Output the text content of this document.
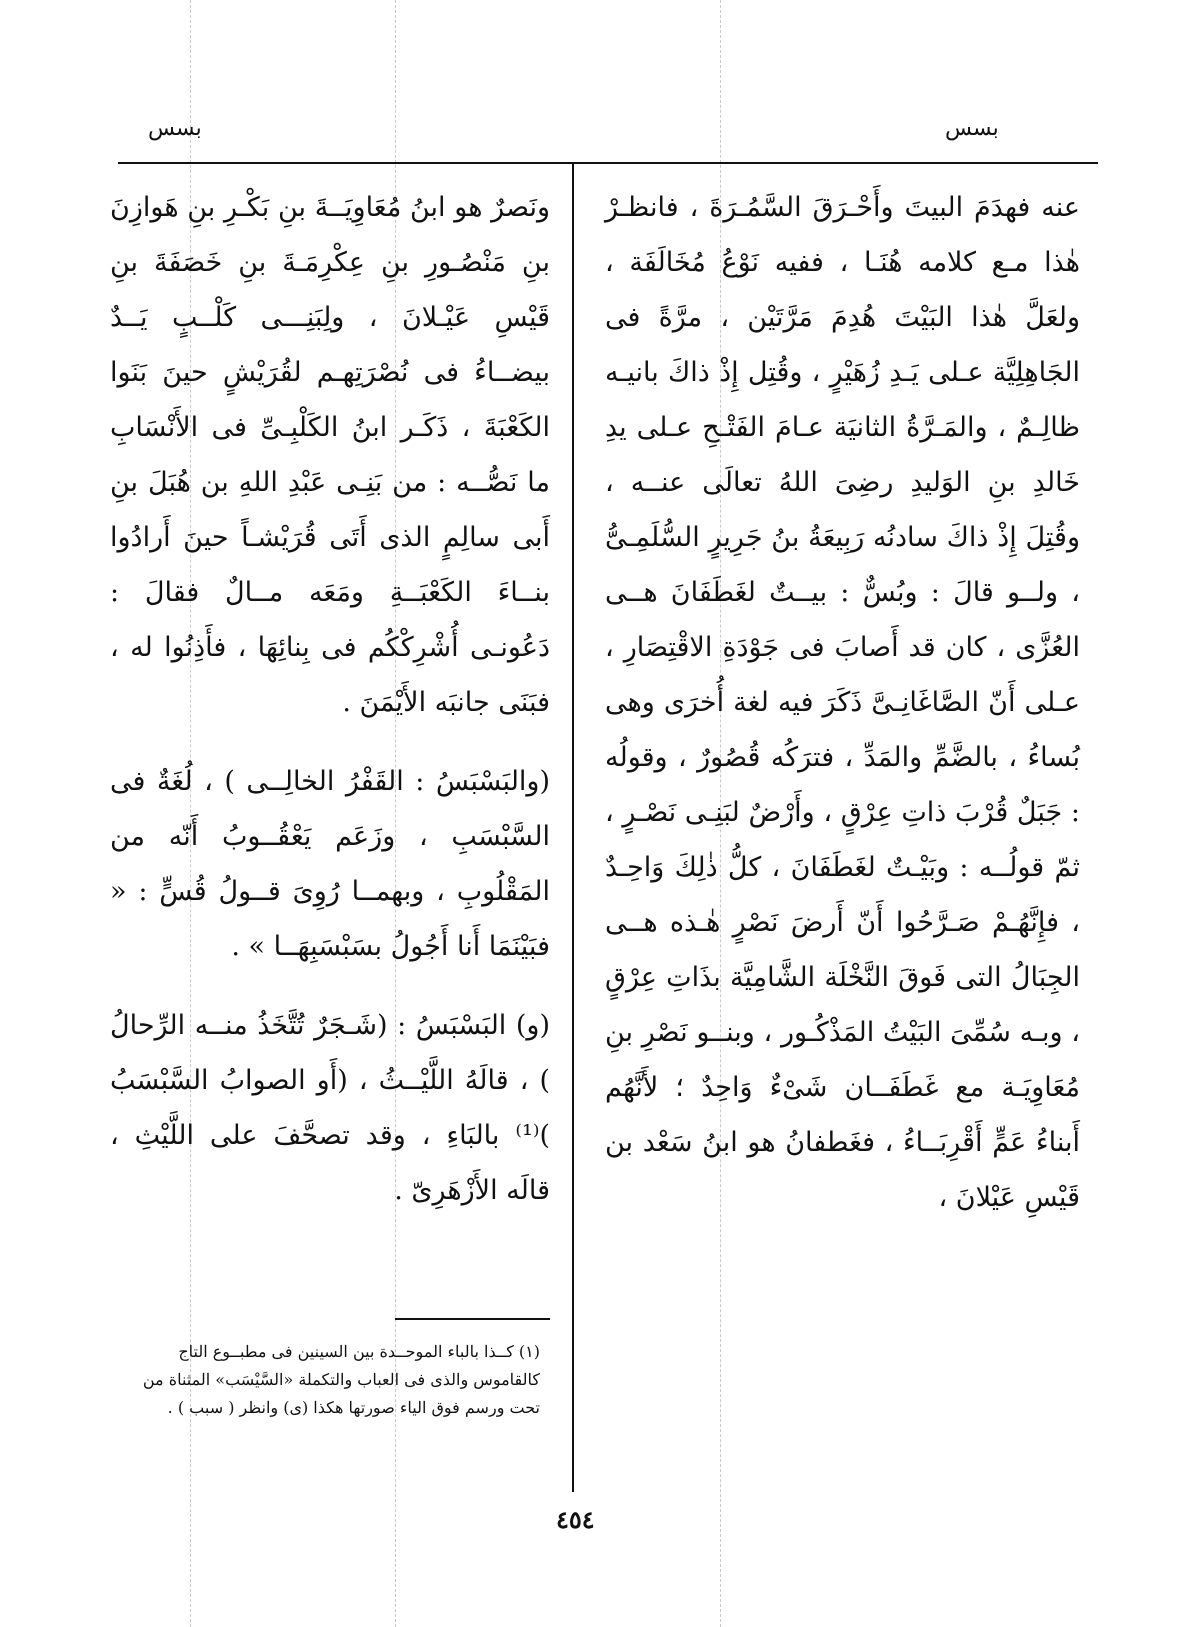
بسس
بسس

عنه فهدَمَ البيتَ وأَحْـرَقَ السَّمُـرَةَ ، فانظـرْ هٰذا مـع كلامه هُنَـا ، ففيه نَوْعُ مُخَالَفَة ، ولعَلَّ هٰذا البَيْتَ هُدِمَ مَرَّتَيْن ، مرَّةً فى الجَاهِلِيَّة عـلى يَـدِ زُهَيْرٍ ، وقُتِل إِذْ ذاكَ بانيـه ظالِـمٌ ، والمَـرَّةُ الثانيَة عـامَ الفَتْـحِ عـلى يدِ خَالدِ بنِ الوَليدِ رضِىَ اللهُ تعالَى عنــه ، وقُتِلَ إِذْ ذاكَ سادنُه رَبِيعَةُ بنُ جَرِيرٍ السُّلَمِـىُّ ، ولــو قالَ : وبُسٌّ : بيــتٌ لغَطَفَانَ هــى العُزَّى ، كان قد أَصابَ فى جَوْدَةِ الاقْتِصَارِ ، عـلى أَنّ الصَّاغَانِـىَّ ذَكَرَ فيه لغة أُخرَى وهى بُساءُ ، بالضَّمِّ والمَدِّ ، فترَكُه قُصُورٌ ، وقولُه : جَبَلٌ قُرْبَ ذاتِ عِرْقٍ ، وأَرْضٌ لبَنِـى نَصْـرٍ ، ثمّ قولُــه : وبَيْـتٌ لغَطَفَانَ ، كلُّ ذٰلِكَ وَاحِـدٌ ، فإِنَّهُـمْ صَـرَّحُوا أَنّ أَرضَ نَصْرٍ هٰـذه هــى الجِبَالُ التى فَوقَ النَّخْلَة الشَّامِيَّة بذَاتِ عِرْقٍ ، وبـه سُمِّىَ البَيْتُ المَذْكُـور ، وبنــو نَصْرِ بنِ مُعَاوِيَـة مع غَطَفَــان شَىْءٌ وَاحِدٌ ؛ لأَنَّهُم أَبناءُ عَمٍّ أَقْرِبَــاءُ ، فغَطفانُ هو ابنُ سَعْد بن قَيْسِ عَيْلانَ ،

ونَصرٌ هو ابنُ مُعَاوِيَــةَ بنِ بَكْـرِ بنِ هَوازِنَ بنِ مَنْصُـورِ بنِ عِكْرِمَـةَ بنِ خَصَفَةَ بنِ قَيْسِ عَيْـلانَ ، ولِبَنِـــى كَلْــبٍ يَــدٌ بيضــاءُ فى نُصْرَتِهـم لقُرَيْشٍ حينَ بَنَوا الكَعْبَةَ ، ذَكَـر ابنُ الكَلْبِـىِّ فى الأَنْسَابِ ما نَصُّــه : من بَنِـى عَبْدِ اللهِ بن هُبَلَ بنِ أَبى سالِمٍ الذى أَتَى قُرَيْشـاً حينَ أَرادُوا بنــاءَ الكَعْبَــةِ ومَعَه مــالٌ فقالَ : دَعُونـى أُشْرِكْكُم فى بِنائِهَا ، فأَذِنُوا له ، فبَنَى جانبَه الأَيْمَنَ .

(والبَسْبَسُ : القَفْرُ الخالِــى ) ، لُغَةٌ فى السَّبْسَبِ ، وزَعَم يَعْقُــوبُ أَنّه من المَقْلُوبِ ، وبهمــا رُوِىَ قــولُ قُسٍّ : « فبَيْنَمَا أَنا أَجُولُ بسَبْسَبِهَــا » .

(و) البَسْبَسُ : (شَـجَرٌ تُتَّخَذُ منــه الرِّحالُ ) ، قالَهُ اللَّيْــثُ ، (أَو الصوابُ السَّبْسَبُ )⁽¹⁾ بالبَاءِ ، وقد تصحَّفَ على اللَّيْثِ ، قالَه الأَزْهَرِىّ .

(١) كــذا بالباء الموحــدة بين السينين فى مطبــوع التاج كالقاموس والذى فى العباب والتكملة «السَّيْسَب» المثناة من تحت ورسم فوق الياء صورتها هكذا (ى) وانظر ( سبب ) .
٤٥٤
